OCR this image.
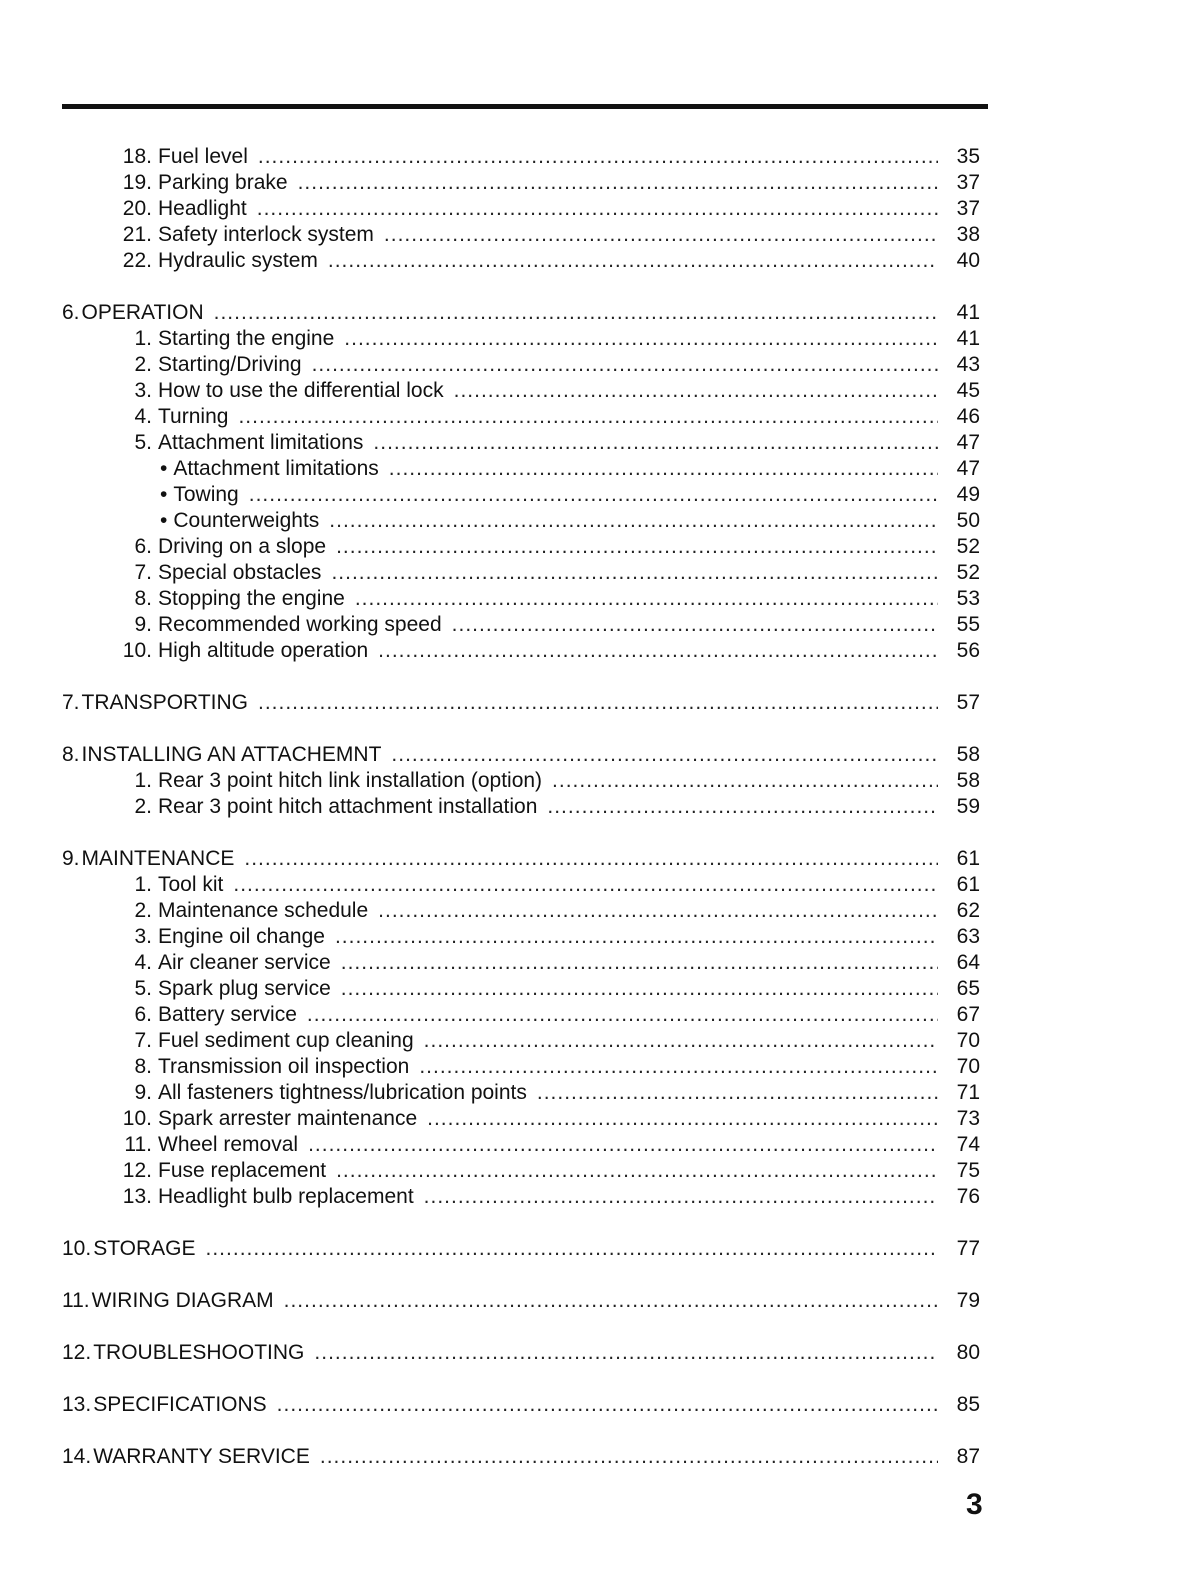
18. Fuel level .....	35
19. Parking brake .....	37
20. Headlight .....	37
21. Safety interlock system .....	38
22. Hydraulic system .....	40
6. OPERATION .....	41
1. Starting the engine .....	41
2. Starting/Driving .....	43
3. How to use the differential lock .....	45
4. Turning .....	46
5. Attachment limitations .....	47
• Attachment limitations .....	47
• Towing .....	49
• Counterweights .....	50
6. Driving on a slope .....	52
7. Special obstacles .....	52
8. Stopping the engine .....	53
9. Recommended working speed .....	55
10. High altitude operation .....	56
7. TRANSPORTING .....	57
8. INSTALLING AN ATTACHEMNT .....	58
1. Rear 3 point hitch link installation (option) .....	58
2. Rear 3 point hitch attachment installation .....	59
9. MAINTENANCE .....	61
1. Tool kit .....	61
2. Maintenance schedule .....	62
3. Engine oil change .....	63
4. Air cleaner service .....	64
5. Spark plug service .....	65
6. Battery service .....	67
7. Fuel sediment cup cleaning .....	70
8. Transmission oil inspection .....	70
9. All fasteners tightness/lubrication points .....	71
10. Spark arrester maintenance .....	73
11. Wheel removal .....	74
12. Fuse replacement .....	75
13. Headlight bulb replacement .....	76
10. STORAGE .....	77
11. WIRING DIAGRAM .....	79
12. TROUBLESHOOTING .....	80
13. SPECIFICATIONS .....	85
14. WARRANTY SERVICE .....	87
3
